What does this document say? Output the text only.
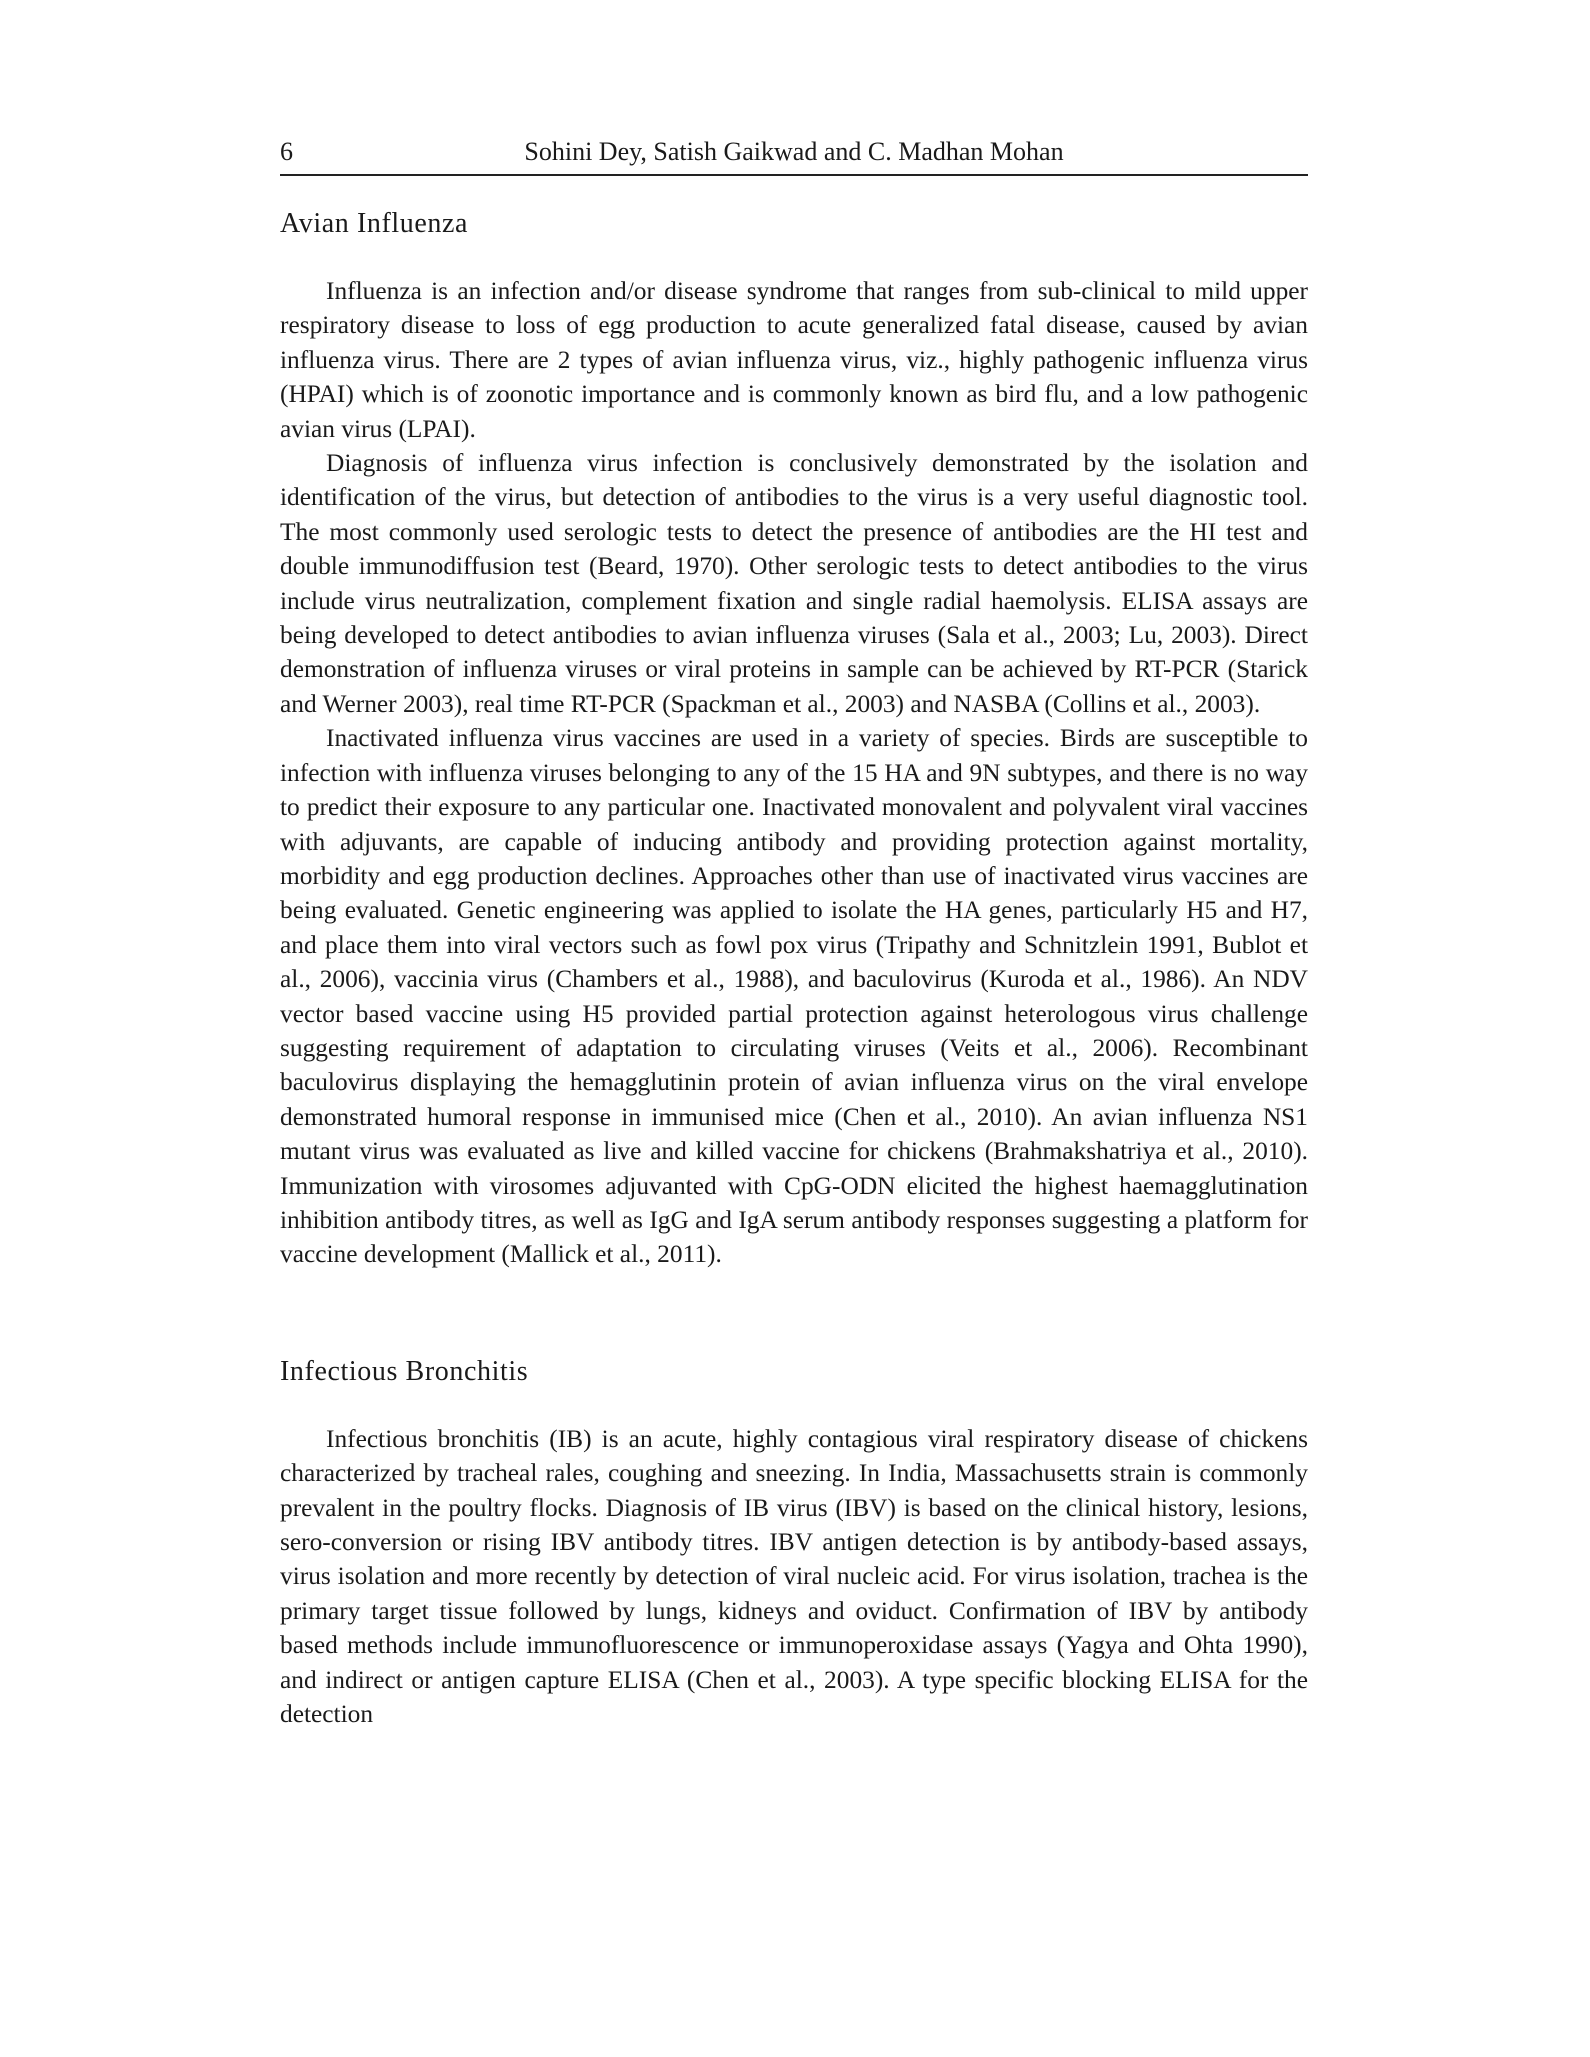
6	Sohini Dey, Satish Gaikwad and C. Madhan Mohan
Avian Influenza

Influenza is an infection and/or disease syndrome that ranges from sub-clinical to mild upper respiratory disease to loss of egg production to acute generalized fatal disease, caused by avian influenza virus. There are 2 types of avian influenza virus, viz., highly pathogenic influenza virus (HPAI) which is of zoonotic importance and is commonly known as bird flu, and a low pathogenic avian virus (LPAI).

Diagnosis of influenza virus infection is conclusively demonstrated by the isolation and identification of the virus, but detection of antibodies to the virus is a very useful diagnostic tool. The most commonly used serologic tests to detect the presence of antibodies are the HI test and double immunodiffusion test (Beard, 1970). Other serologic tests to detect antibodies to the virus include virus neutralization, complement fixation and single radial haemolysis. ELISA assays are being developed to detect antibodies to avian influenza viruses (Sala et al., 2003; Lu, 2003). Direct demonstration of influenza viruses or viral proteins in sample can be achieved by RT-PCR (Starick and Werner 2003), real time RT-PCR (Spackman et al., 2003) and NASBA (Collins et al., 2003).

Inactivated influenza virus vaccines are used in a variety of species. Birds are susceptible to infection with influenza viruses belonging to any of the 15 HA and 9N subtypes, and there is no way to predict their exposure to any particular one. Inactivated monovalent and polyvalent viral vaccines with adjuvants, are capable of inducing antibody and providing protection against mortality, morbidity and egg production declines. Approaches other than use of inactivated virus vaccines are being evaluated. Genetic engineering was applied to isolate the HA genes, particularly H5 and H7, and place them into viral vectors such as fowl pox virus (Tripathy and Schnitzlein 1991, Bublot et al., 2006), vaccinia virus (Chambers et al., 1988), and baculovirus (Kuroda et al., 1986). An NDV vector based vaccine using H5 provided partial protection against heterologous virus challenge suggesting requirement of adaptation to circulating viruses (Veits et al., 2006). Recombinant baculovirus displaying the hemagglutinin protein of avian influenza virus on the viral envelope demonstrated humoral response in immunised mice (Chen et al., 2010). An avian influenza NS1 mutant virus was evaluated as live and killed vaccine for chickens (Brahmakshatriya et al., 2010). Immunization with virosomes adjuvanted with CpG-ODN elicited the highest haemagglutination inhibition antibody titres, as well as IgG and IgA serum antibody responses suggesting a platform for vaccine development (Mallick et al., 2011).

Infectious Bronchitis

Infectious bronchitis (IB) is an acute, highly contagious viral respiratory disease of chickens characterized by tracheal rales, coughing and sneezing. In India, Massachusetts strain is commonly prevalent in the poultry flocks. Diagnosis of IB virus (IBV) is based on the clinical history, lesions, sero-conversion or rising IBV antibody titres. IBV antigen detection is by antibody-based assays, virus isolation and more recently by detection of viral nucleic acid. For virus isolation, trachea is the primary target tissue followed by lungs, kidneys and oviduct. Confirmation of IBV by antibody based methods include immunofluorescence or immunoperoxidase assays (Yagya and Ohta 1990), and indirect or antigen capture ELISA (Chen et al., 2003). A type specific blocking ELISA for the detection
